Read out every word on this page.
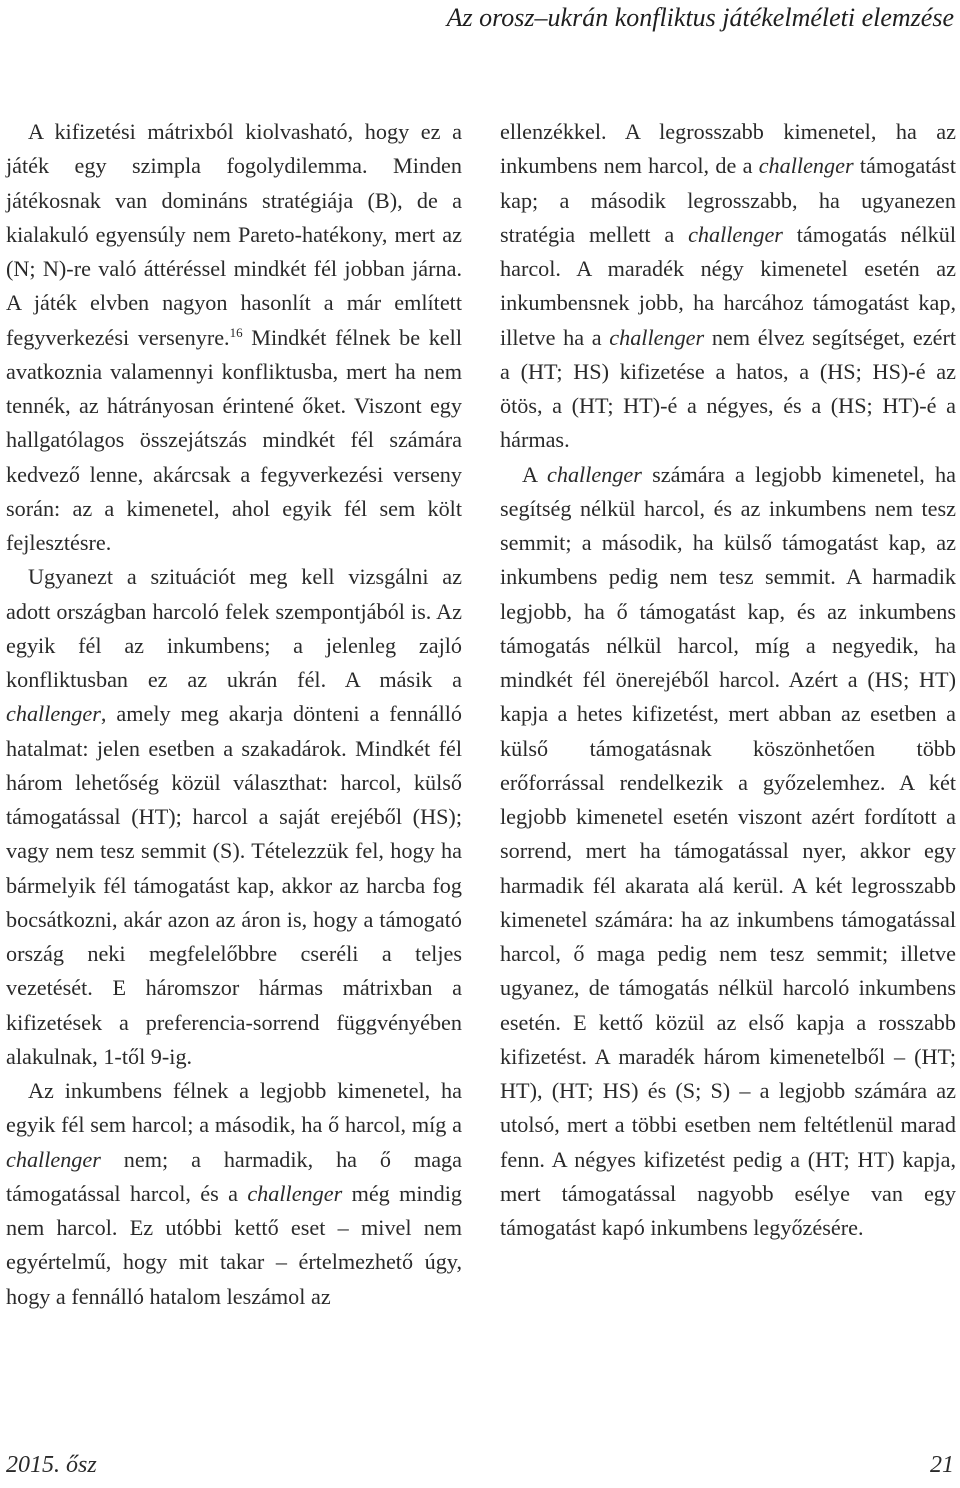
Az orosz–ukrán konfliktus játékelméleti elemzése

A kifizetési mátrixból kiolvasható, hogy ez a játék egy szimpla fogolydilemma. Minden játékosnak van domináns stratégiája (B), de a kialakuló egyensúly nem Pareto-hatékony, mert az (N; N)-re való áttéréssel mindkét fél jobban járna. A játék elvben nagyon hasonlít a már említett fegyverkezési versenyre.$^{16}$ Mindkét félnek be kell avatkoznia valamennyi konfliktusba, mert ha nem tennék, az hátrányosan érintené őket. Viszont egy hallgatólagos összejátszás mindkét fél számára kedvező lenne, akárcsak a fegyverkezési verseny során: az a kimenetel, ahol egyik fél sem költ fejlesztésre.

Ugyanezt a szituációt meg kell vizsgálni az adott országban harcoló felek szempontjából is. Az egyik fél az inkumbens; a jelenleg zajló konfliktusban ez az ukrán fél. A másik a challenger, amely meg akarja dönteni a fennálló hatalmat: jelen esetben a szakadárok. Mindkét fél három lehetőség közül választhat: harcol, külső támogatással (HT); harcol a saját erejéből (HS); vagy nem tesz semmit (S). Tételezzük fel, hogy ha bármelyik fél támogatást kap, akkor az harcba fog bocsátkozni, akár azon az áron is, hogy a támogató ország neki megfelelőbbre cseréli a teljes vezetését. E háromszor hármas mátrixban a kifizetések a preferencia-sorrend függvényében alakulnak, 1-től 9-ig.

Az inkumbens félnek a legjobb kimenetel, ha egyik fél sem harcol; a második, ha ő harcol, míg a challenger nem; a harmadik, ha ő maga támogatással harcol, és a challenger még mindig nem harcol. Ez utóbbi kettő eset – mivel nem egyértelmű, hogy mit takar – értelmezhető úgy, hogy a fennálló hatalom leszámol az

ellenzékkel. A legrosszabb kimenetel, ha az inkumbens nem harcol, de a challenger támogatást kap; a második legrosszabb, ha ugyanezen stratégia mellett a challenger támogatás nélkül harcol. A maradék négy kimenetel esetén az inkumbensnek jobb, ha harcához támogatást kap, illetve ha a challenger nem élvez segítséget, ezért a (HT; HS) kifizetése a hatos, a (HS; HS)-é az ötös, a (HT; HT)-é a négyes, és a (HS; HT)-é a hármas.

A challenger számára a legjobb kimenetel, ha segítség nélkül harcol, és az inkumbens nem tesz semmit; a második, ha külső támogatást kap, az inkumbens pedig nem tesz semmit. A harmadik legjobb, ha ő támogatást kap, és az inkumbens támogatás nélkül harcol, míg a negyedik, ha mindkét fél önerejéből harcol. Azért a (HS; HT) kapja a hetes kifizetést, mert abban az esetben a külső támogatásnak köszönhetően több erőforrással rendelkezik a győzelemhez. A két legjobb kimenetel esetén viszont azért fordított a sorrend, mert ha támogatással nyer, akkor egy harmadik fél akarata alá kerül. A két legrosszabb kimenetel számára: ha az inkumbens támogatással harcol, ő maga pedig nem tesz semmit; illetve ugyanez, de támogatás nélkül harcoló inkumbens esetén. E kettő közül az első kapja a rosszabb kifizetést. A maradék három kimenetelből – (HT; HT), (HT; HS) és (S; S) – a legjobb számára az utolsó, mert a többi esetben nem feltétlenül marad fenn. A négyes kifizetést pedig a (HT; HT) kapja, mert támogatással nagyobb esélye van egy támogatást kapó inkumbens legyőzésére.

2015. ősz	21
